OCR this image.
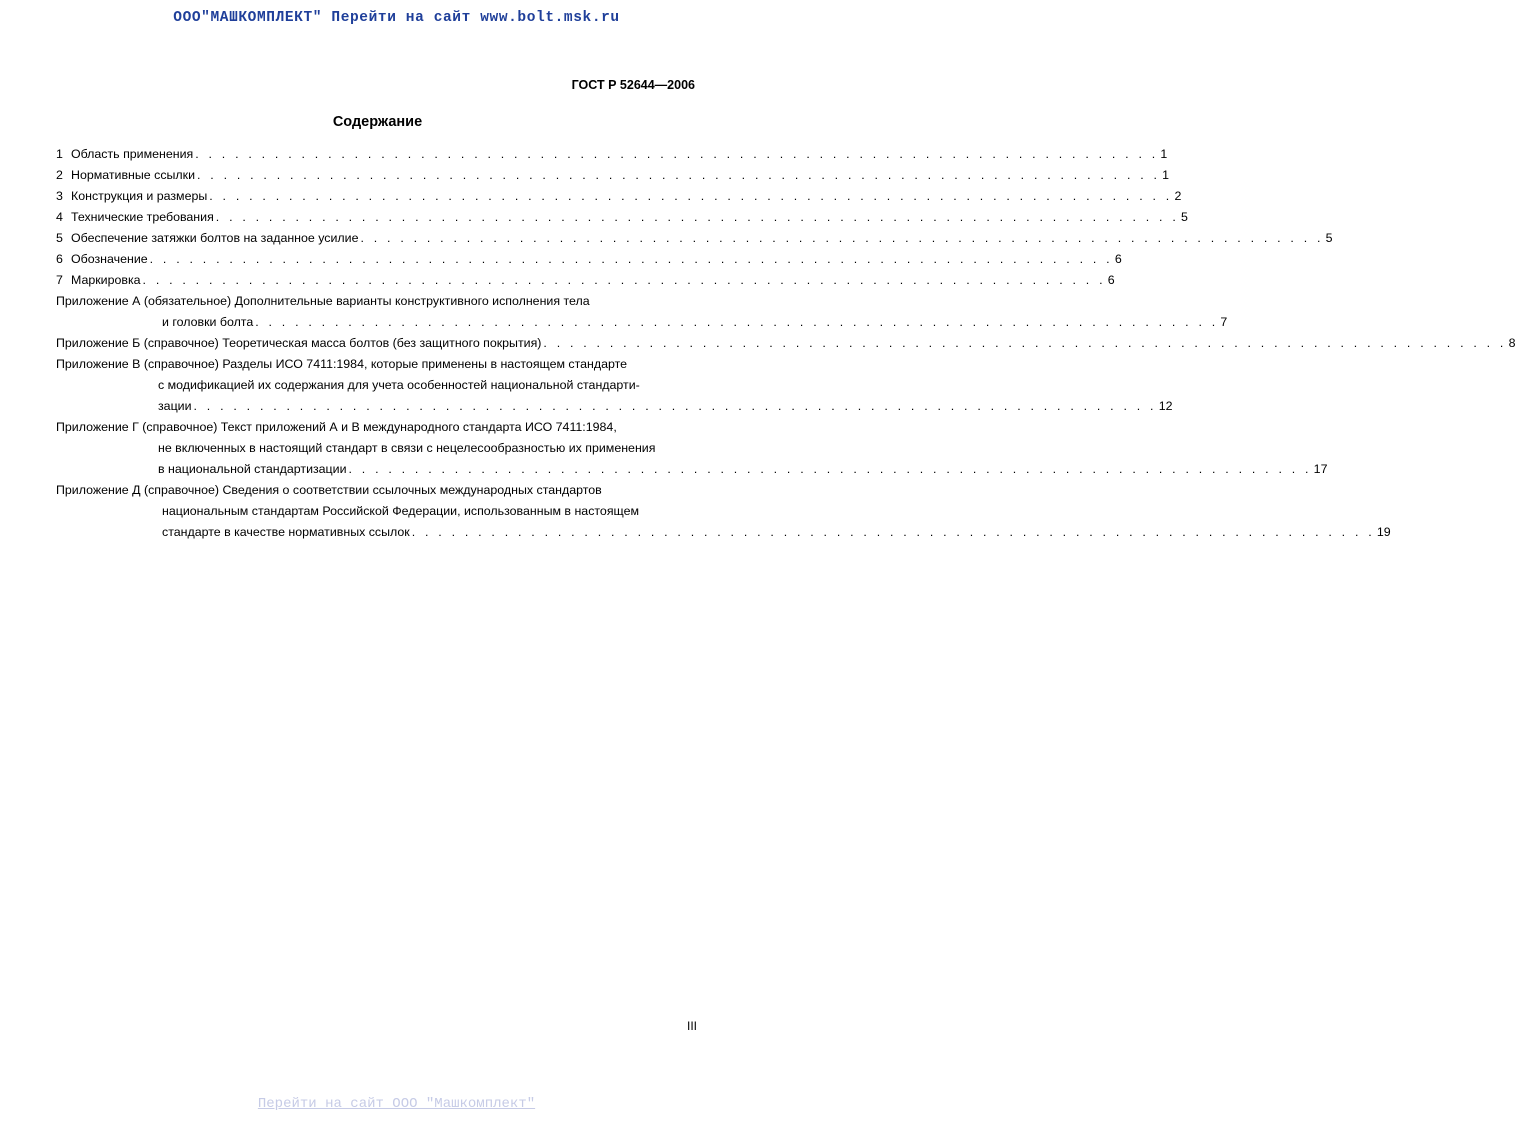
ООО"МАШКОМПЛЕКТ" Перейти на сайт www.bolt.msk.ru
ГОСТ Р 52644—2006
Содержание
1 Область применения . . . . . . . . . . . . . . . . . . . . . . . . . . . . . . . . . . . . . . . . . . . . . . . . . . . . . . . . . . . . . . . . . . . . . . . . . 1
2 Нормативные ссылки . . . . . . . . . . . . . . . . . . . . . . . . . . . . . . . . . . . . . . . . . . . . . . . . . . . . . . . . . . . . . . . . . . . . . . . . . 1
3 Конструкция и размеры . . . . . . . . . . . . . . . . . . . . . . . . . . . . . . . . . . . . . . . . . . . . . . . . . . . . . . . . . . . . . . . . . . . . . . . . . 2
4 Технические требования . . . . . . . . . . . . . . . . . . . . . . . . . . . . . . . . . . . . . . . . . . . . . . . . . . . . . . . . . . . . . . . . . . . . . . . . . 5
5 Обеспечение затяжки болтов на заданное усилие . . . . . . . . . . . . . . . . . . . . . . . . . . . . . . . . . . . . . . . . . . . . . . . . . . . . . . . . . . . . . . . . . . . . . . . . . 5
6 Обозначение . . . . . . . . . . . . . . . . . . . . . . . . . . . . . . . . . . . . . . . . . . . . . . . . . . . . . . . . . . . . . . . . . . . . . . . . . 6
7 Маркировка . . . . . . . . . . . . . . . . . . . . . . . . . . . . . . . . . . . . . . . . . . . . . . . . . . . . . . . . . . . . . . . . . . . . . . . . . 6
Приложение А (обязательное) Дополнительные варианты конструктивного исполнения тела
и головки болта . . . . . . . . . . . . . . . . . . . . . . . . . . . . . . . . . . . . . . . . . . . . . . . . . . . . . . . . . . . . . . . . . . . . . . . . . 7
Приложение Б (справочное) Теоретическая масса болтов (без защитного покрытия) . . . . . . . . . . . . . . . . . . . . . . . . . . . . . . . . . . . . . . . . . . . . . . . . . . . . . . . . . . . . . . . . . . . . . . . . . 8
Приложение В (справочное) Разделы ИСО 7411:1984, которые применены в настоящем стандарте
с модификацией их содержания для учета особенностей национальной стандарти-
зации . . . . . . . . . . . . . . . . . . . . . . . . . . . . . . . . . . . . . . . . . . . . . . . . . . . . . . . . . . . . . . . . . . . . . . . . . 12
Приложение Г (справочное) Текст приложений А и В международного стандарта ИСО 7411:1984,
не включенных в настоящий стандарт в связи с нецелесообразностью их применения
в национальной стандартизации . . . . . . . . . . . . . . . . . . . . . . . . . . . . . . . . . . . . . . . . . . . . . . . . . . . . . . . . . . . . . . . . . . . . . . . . . 17
Приложение Д (справочное) Сведения о соответствии ссылочных международных стандартов
национальным стандартам Российской Федерации, использованным в настоящем
стандарте в качестве нормативных ссылок . . . . . . . . . . . . . . . . . . . . . . . . . . . . . . . . . . . . . . . . . . . . . . . . . . . . . . . . . . . . . . . . . . . . . . . . . 19
III
Перейти на сайт ООО "Машкомплект"
